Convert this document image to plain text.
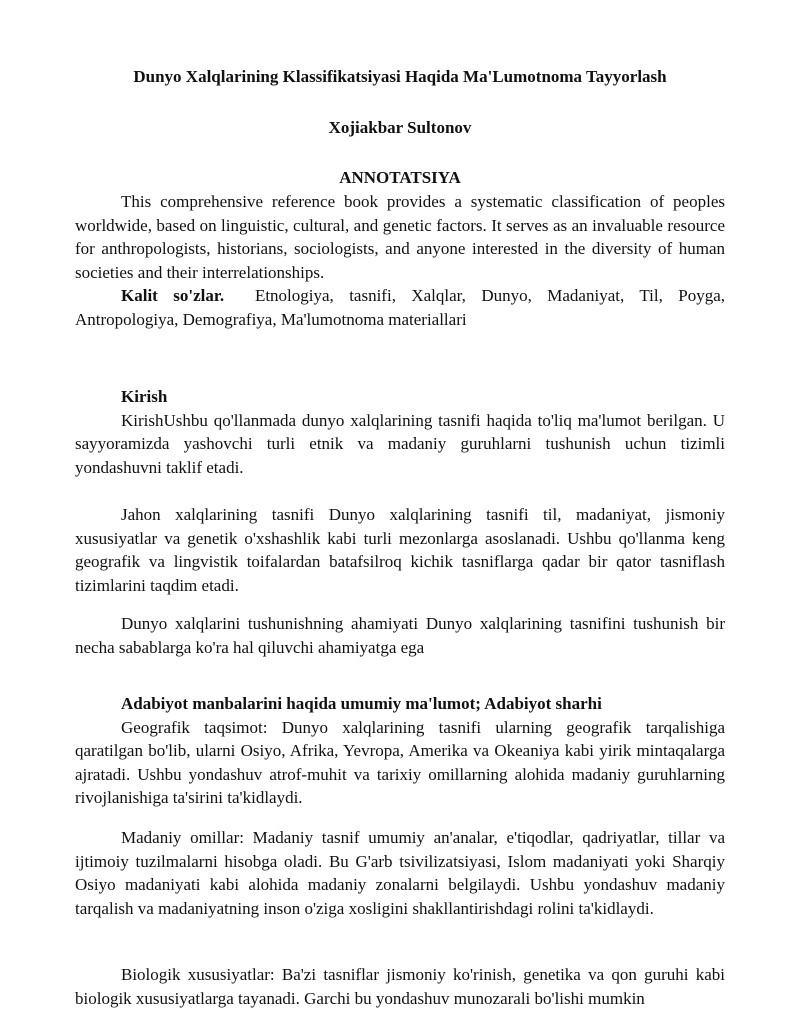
Dunyo Xalqlarining Klassifikatsiyasi Haqida Ma'Lumotnoma Tayyorlash
Xojiakbar Sultonov
ANNOTATSIYA

This comprehensive reference book provides a systematic classification of peoples worldwide, based on linguistic, cultural, and genetic factors. It serves as an invaluable resource for anthropologists, historians, sociologists, and anyone interested in the diversity of human societies and their interrelationships.

Kalit so'zlar. Etnologiya, tasnifi, Xalqlar, Dunyo, Madaniyat, Til, Poyga, Antropologiya, Demografiya, Ma'lumotnoma materiallari

Kirish

KirishUshbu qo'llanmada dunyo xalqlarining tasnifi haqida to'liq ma'lumot berilgan. U sayyoramizda yashovchi turli etnik va madaniy guruhlarni tushunish uchun tizimli yondashuvni taklif etadi.

Jahon xalqlarining tasnifi Dunyo xalqlarining tasnifi til, madaniyat, jismoniy xususiyatlar va genetik o'xshashlik kabi turli mezonlarga asoslanadi. Ushbu qo'llanma keng geografik va lingvistik toifalardan batafsilroq kichik tasniflarga qadar bir qator tasniflash tizimlarini taqdim etadi.

Dunyo xalqlarini tushunishning ahamiyati Dunyo xalqlarining tasnifini tushunish bir necha sabablarga ko'ra hal qiluvchi ahamiyatga ega

Adabiyot manbalarini haqida umumiy ma'lumot; Adabiyot sharhi

Geografik taqsimot: Dunyo xalqlarining tasnifi ularning geografik tarqalishiga qaratilgan bo'lib, ularni Osiyo, Afrika, Yevropa, Amerika va Okeaniya kabi yirik mintaqalarga ajratadi. Ushbu yondashuv atrof-muhit va tarixiy omillarning alohida madaniy guruhlarning rivojlanishiga ta'sirini ta'kidlaydi.

Madaniy omillar: Madaniy tasnif umumiy an'analar, e'tiqodlar, qadriyatlar, tillar va ijtimoiy tuzilmalarni hisobga oladi. Bu G'arb tsivilizatsiyasi, Islom madaniyati yoki Sharqiy Osiyo madaniyati kabi alohida madaniy zonalarni belgilaydi. Ushbu yondashuv madaniy tarqalish va madaniyatning inson o'ziga xosligini shakllantirishdagi rolini ta'kidlaydi.

Biologik xususiyatlar: Ba'zi tasniflar jismoniy ko'rinish, genetika va qon guruhi kabi biologik xususiyatlarga tayanadi. Garchi bu yondashuv munozarali bo'lishi mumkin
